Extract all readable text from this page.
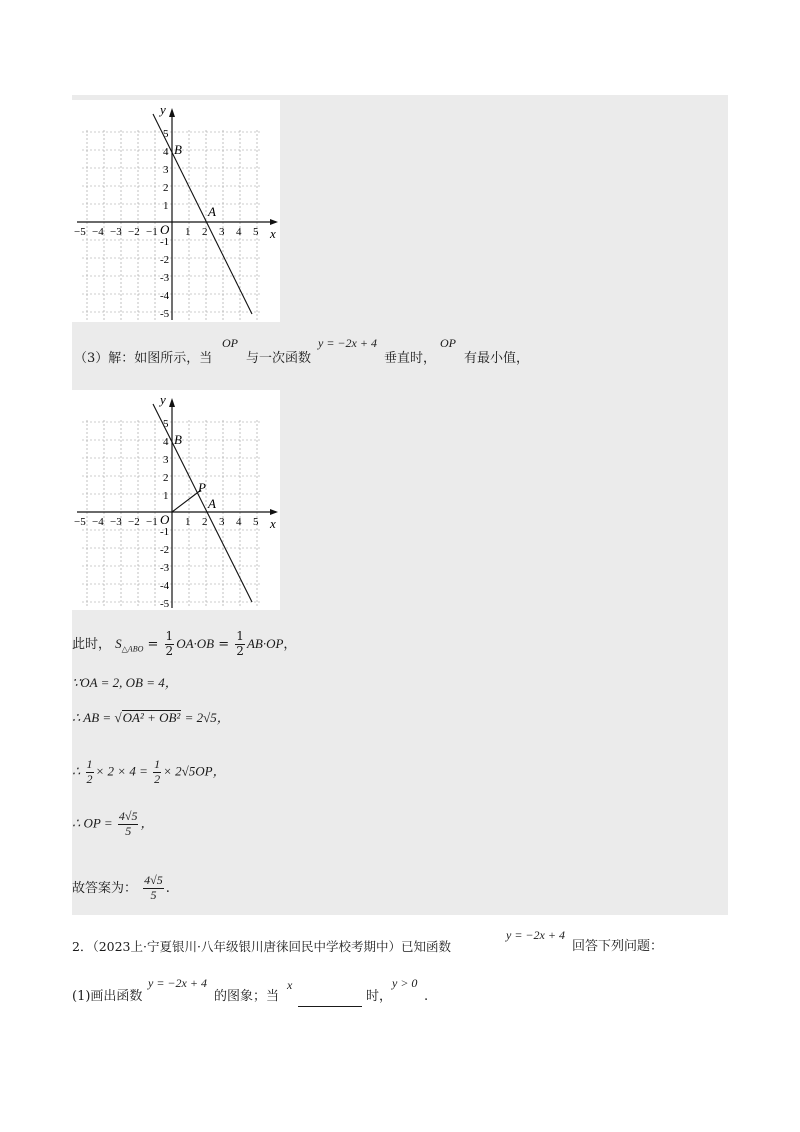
y
x
O
B
A
−5 −4 −3 −2 −1 1 2 3 4 5
1
2
3
4
5
-1
-2
-3
-4
-5
（3）解：如图所示，当
OP
与一次函数
y = −2x + 4
垂直时，
OP
有最小值，
y
x
O
B
P
A
−5 −4 −3 −2 −1 1 2 3 4 5
1
2
3
4
5
-1
-2
-3
-4
-5
此时， $S_{\triangle ABO} = \frac{1}{2} OA\cdot OB = \frac{1}{2} AB\cdot OP$，
∵OA = 2, OB = 4，
∴ AB = √OA² + OB² = 2√5，
∴ $\frac{1}{2} \times 2 \times 4 = \frac{1}{2} \times 2√5OP$，
∴ OP = $\frac{4√5}{5}$ ，
故答案为： $\frac{4√5}{5}$ .
2．（2023上·宁夏银川·八年级银川唐徕回民中学校考期中）已知函数
y = −2x + 4
回答下列问题：
(1)画出函数
y = −2x + 4
的图象；当
x
时，
y > 0
.
